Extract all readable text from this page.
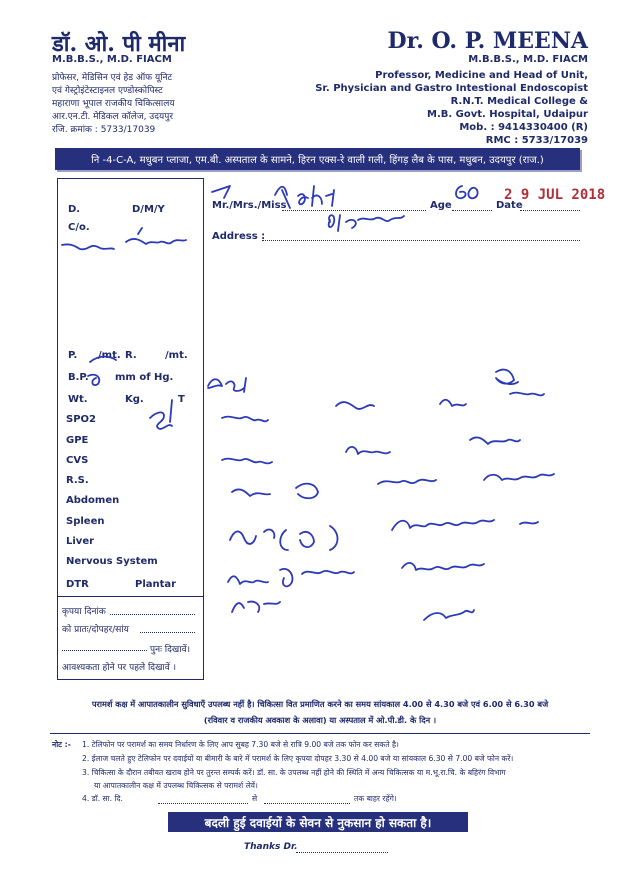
डॉ. ओ. पी मीना
M.B.B.S., M.D. FIACM
प्रोफेसर, मेडिसिन एवं हेड ऑफ यूनिट
एवं गेस्ट्रोइंटेस्टाइनल एण्डोस्कोपिस्ट
महाराणा भूपाल राजकीय चिकित्सालय
आर.एन.टी. मेडिकल कॉलेज, उदयपुर
रजि. क्रमांक : 5733/17039
Dr. O. P. MEENA
M.B.B.S., M.D. FIACM
Professor, Medicine and Head of Unit,
Sr. Physician and Gastro Intestional Endoscopist
R.N.T. Medical College &
M.B. Govt. Hospital, Udaipur
Mob. : 9414330400 (R)
RMC : 5733/17039
नि -4-C-A, मधुबन प्लाजा, एम.बी. अस्पताल के सामने, हिरन एक्स-रे वाली गली, हिंगड़ लैब के पास, मधुबन, उदयपुर (राज.)
D.	D/M/Y
C/o.
P. /mt. R.	/mt.
B.P.	mm of Hg.
Wt.	Kg.	T
SPO2
GPE
CVS
R.S.
Abdomen
Spleen
Liver
Nervous System
DTR	Plantar
कृपया दिनांक
को प्रातः/दोपहर/सांय
पुनः दिखावें।
आवश्यकता होने पर पहले दिखावें ।
Mr./Mrs./Miss	Age	Date
Address :
2 9 JUL 2018
परामर्श कक्ष में आपातकालीन सुविधाएँ उपलब्ध नहीं है। चिकित्सा वित प्रमाणित करने का समय सांयकाल 4.00 से 4.30 बजे एवं 6.00 से 6.30 बजे
(रविवार व राजकीय अवकाश के अलावा) या अस्पताल में ओ.पी.डी. के दिन ।
नोट :- 1. टेलिफोन पर परामर्श का समय निर्धारण के लिए आप सुबह 7.30 बजे से रात्रि 9.00 बजे तक फोन कर सकते है।
2. ईलाज चलते हुए टेलिफोन पर दवाईयों या बीमारी के बारे में परामर्श के लिए कृपया दोपहर 3.30 से 4.00 बजे या सांयकाल 6.30 से 7.00 बजे फोन करें।
3. चिकित्सा के दौरान तबीयत खराब होने पर तुरन्त सम्पर्क करें। डॉ. सा. के उपलब्ध नहीं होने की स्थिति में अन्य चिकित्सक या म.भू.रा.चि. के बहिरंग विभाग
या आपातकालीन कक्ष में उपलब्ध चिकित्सक से परामर्श लेवें।
4. डॉ. सा. दि.	से	तक बाहर रहेंगे।
बदली हुई दवाईयों के सेवन से नुकसान हो सकता है।
Thanks Dr.
